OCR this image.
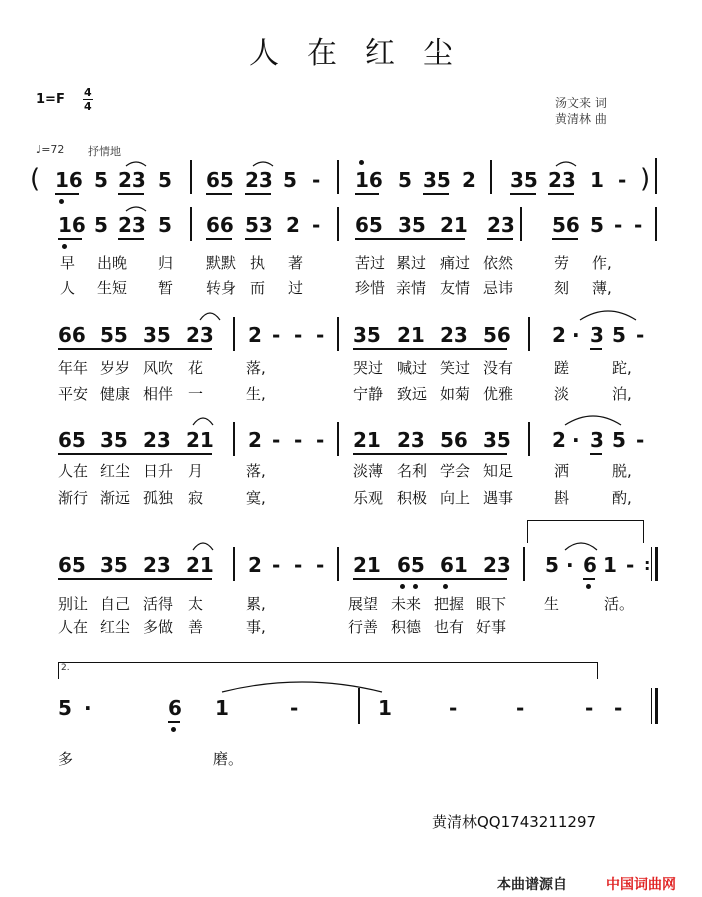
人在红尘
1=F 4
4	汤文来 词
黄清林 曲
♩=72 抒情地
( 16 5 23 5 65 23 5 - 16 5 35 2 35 23 1 - )
16 5 23 5 66 53 2 - 65 35 21 23 56 5 - -
早 出晚 归 默默 执 著	苦过 累过 痛过 依然	劳 作,
人 生短 暂 转身 而 过	珍惜 亲情 友情 忌讳	刻 薄,
66 55 35 23 2 - - - 35 21 23 56 2 · 3 5 -
年年 岁岁 风吹 花	落,	哭过 喊过 笑过 没有	蹉	跎,
平安 健康 相伴 一	生,	宁静 致远 如菊 优雅	淡	泊,
65 35 23 21 2 - - - 21 23 56 35 2 · 3 5 -
人在 红尘 日升 月	落,	淡薄 名利 学会 知足	洒	脱,
渐行 渐远 孤独 寂	寞,	乐观 积极 向上 遇事	斟	酌,
65 35 23 21 2 - - - 21 65 61 23 5 · 6 1 - :
别让 自己 活得 太	累,	展望 未来 把握 眼下	生	活。
人在 红尘 多做 善	事,	行善 积德 也有 好事
2.
5 ·	6 1	-	1	-	-	- -
多	磨。
黄清林QQ1743211297
本曲谱源自	中国词曲网
